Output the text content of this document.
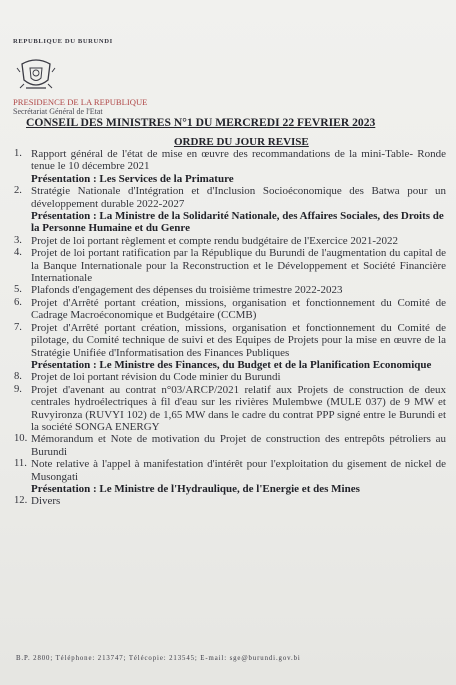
REPUBLIQUE DU BURUNDI
PRESIDENCE DE LA REPUBLIQUE
Secrétariat Général de l'Etat
CONSEIL DES MINISTRES N°1 DU MERCREDI 22 FEVRIER 2023
ORDRE DU JOUR REVISE
1. Rapport général de l'état de mise en œuvre des recommandations de la mini-Table- Ronde tenue le 10 décembre 2021
Présentation : Les Services de la Primature
2. Stratégie Nationale d'Intégration et d'Inclusion Socioéconomique des Batwa pour un développement durable 2022-2027
Présentation : La Ministre de la Solidarité Nationale, des Affaires Sociales, des Droits de la Personne Humaine et du Genre
3. Projet de loi portant règlement et compte rendu budgétaire de l'Exercice 2021-2022
4. Projet de loi portant ratification par la République du Burundi de l'augmentation du capital de la Banque Internationale pour la Reconstruction et le Développement et Société Financière Internationale
5. Plafonds d'engagement des dépenses du troisième trimestre 2022-2023
6. Projet d'Arrêté portant création, missions, organisation et fonctionnement du Comité de Cadrage Macroéconomique et Budgétaire (CCMB)
7. Projet d'Arrêté portant création, missions, organisation et fonctionnement du Comité de pilotage, du Comité technique de suivi et des Equipes de Projets pour la mise en œuvre de la Stratégie Unifiée d'Informatisation des Finances Publiques
Présentation : Le Ministre des Finances, du Budget et de la Planification Economique
8. Projet de loi portant révision du Code minier du Burundi
9. Projet d'avenant au contrat n°03/ARCP/2021 relatif aux Projets de construction de deux centrales hydroélectriques à fil d'eau sur les rivières Mulembwe (MULE 037) de 9 MW et Ruvyironza (RUVYI 102) de 1,65 MW dans le cadre du contrat PPP signé entre le Burundi et la société SONGA ENERGY
10. Mémorandum et Note de motivation du Projet de construction des entrepôts pétroliers au Burundi
11. Note relative à l'appel à manifestation d'intérêt pour l'exploitation du gisement de nickel de Musongati
Présentation : Le Ministre de l'Hydraulique, de l'Energie et des Mines
12. Divers
B.P. 2800; Téléphone: 213747; Télécopie: 213545; E-mail: sge@burundi.gov.bi
